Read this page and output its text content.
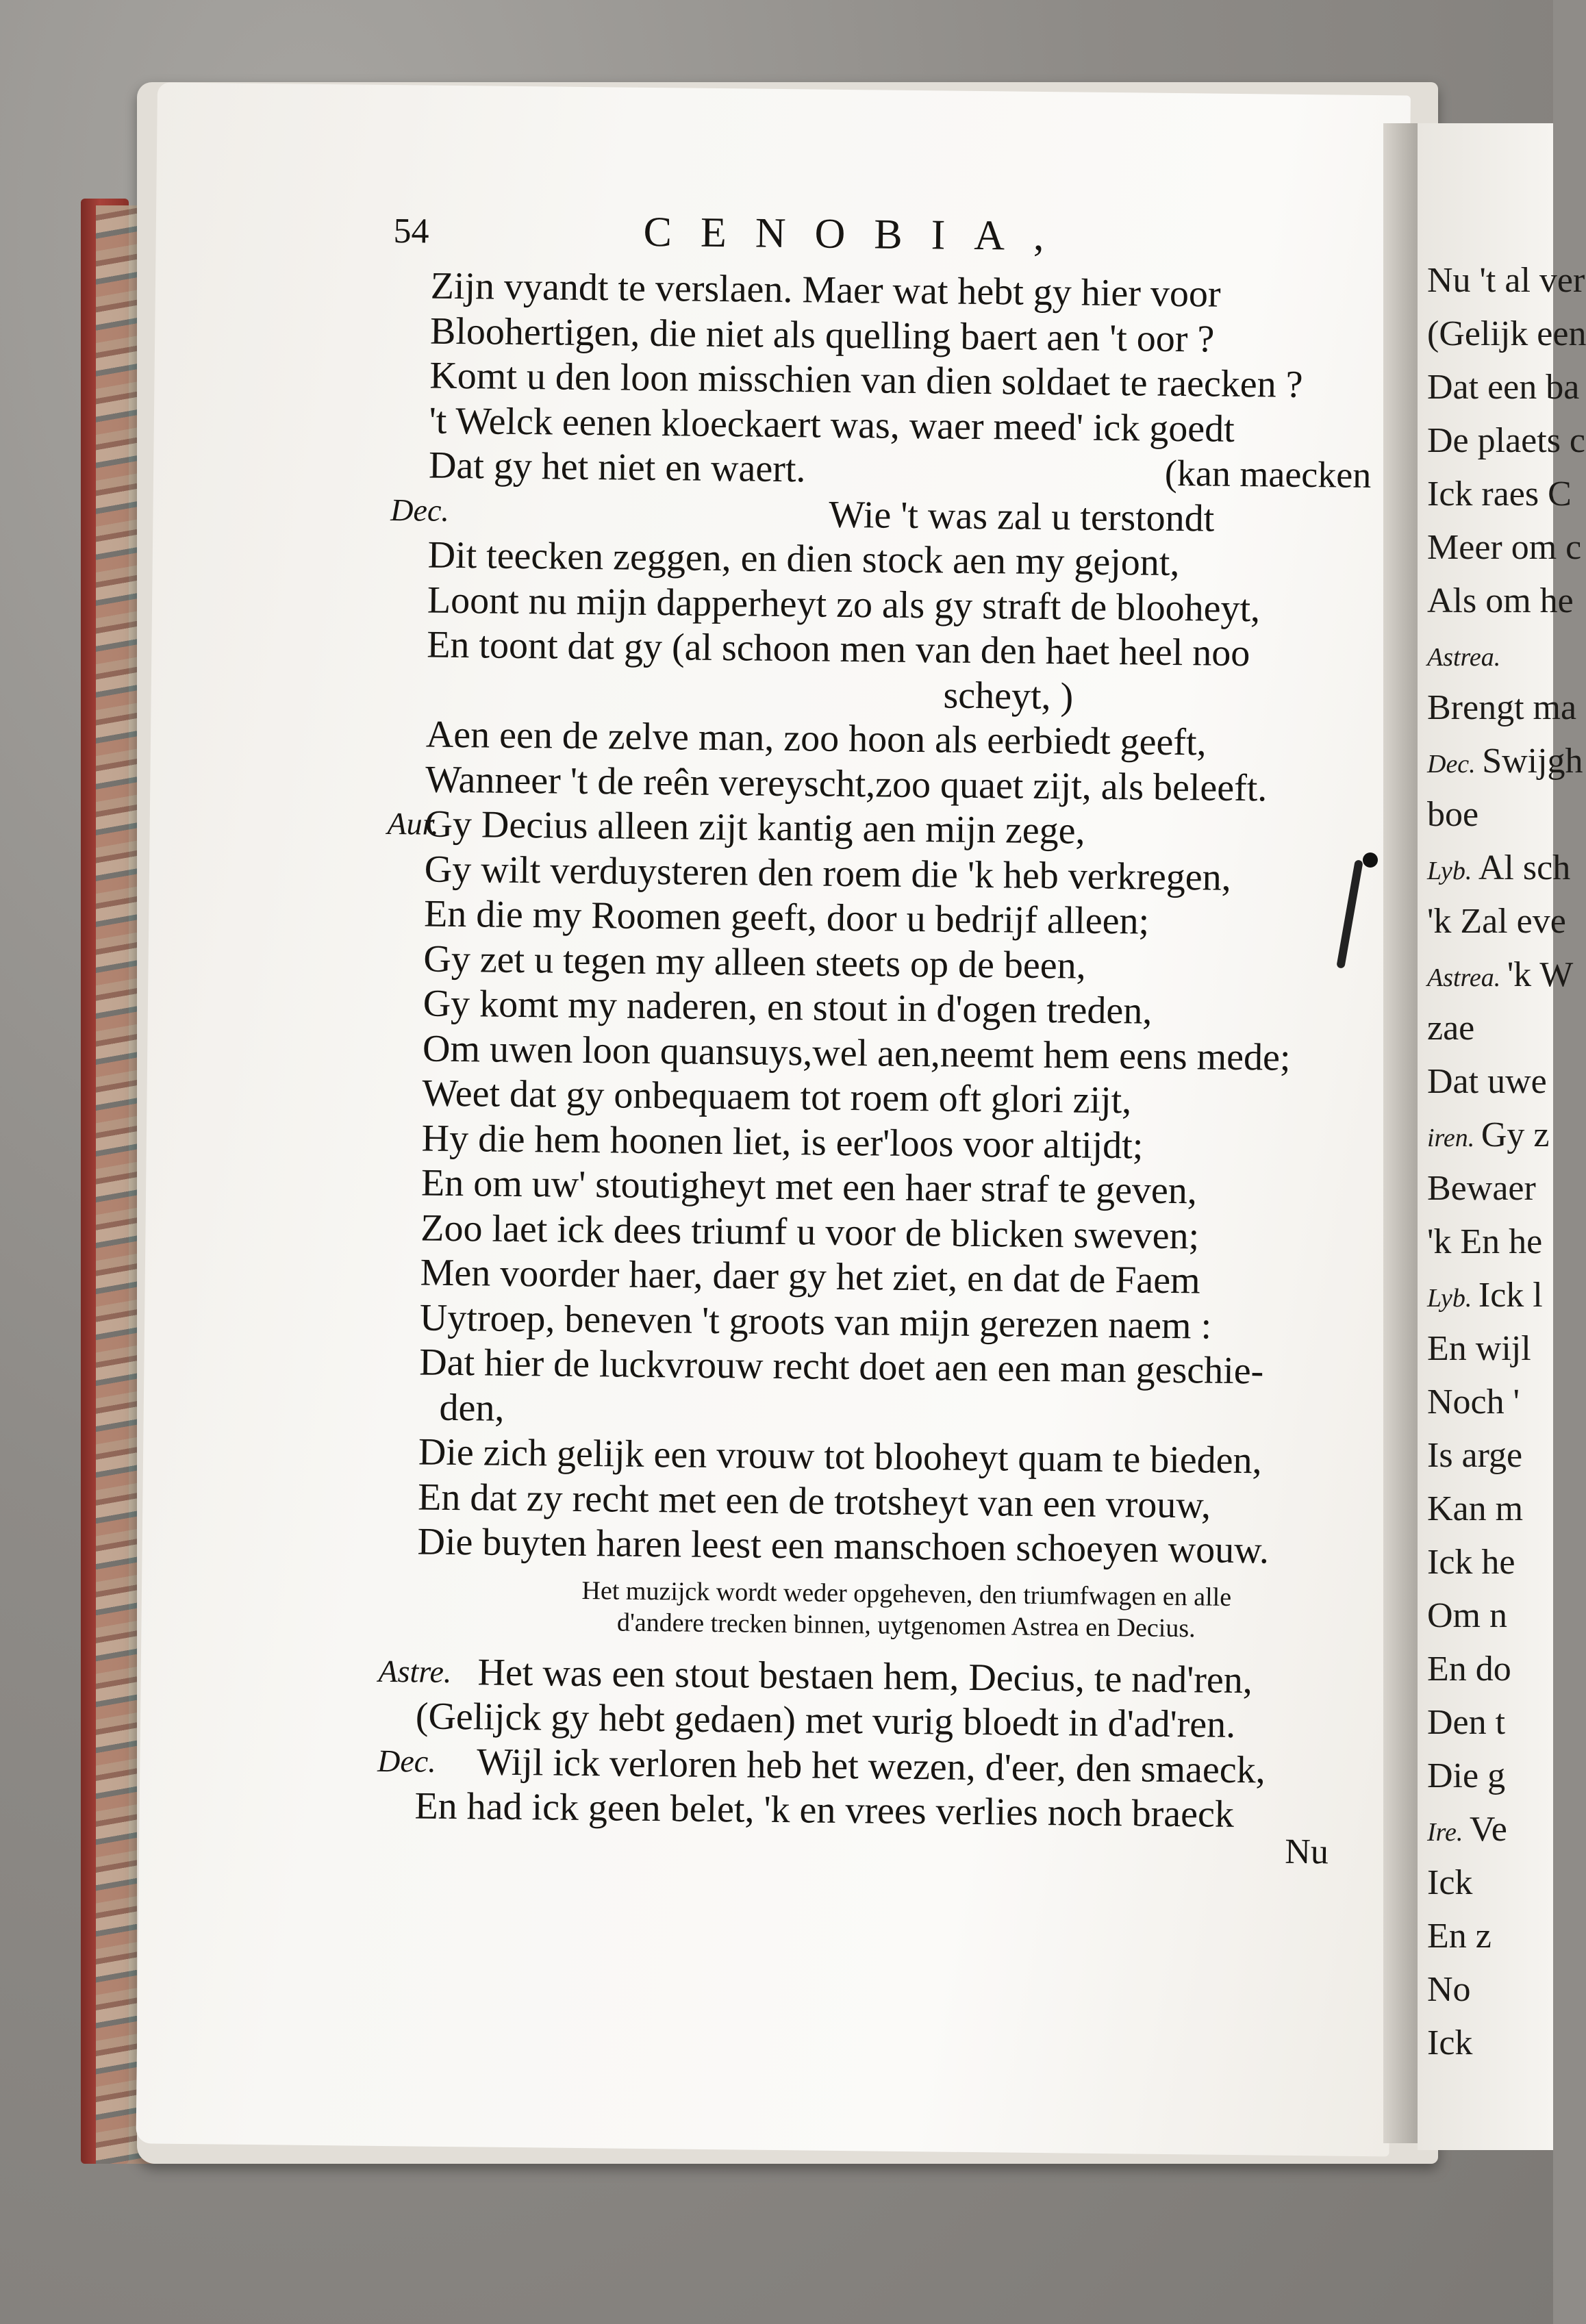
Nu 't al ver
(Gelijk een
Dat een ba
De plaets c
Ick raes C
Meer om c
Als om he
Astrea.
Brengt ma
Dec. Swijgh
boe
Lyb. Al sch
'k Zal eve
Astrea. 'k W
zae
Dat uwe
iren. Gy z
Bewaer
'k En he
Lyb. Ick l
En wijl
Noch '
Is arge
Kan m
Ick he
Om n
En do
Den t
Die g
Ire. Ve
Ick
En z
No
Ick
54	CENOBIA,
(kan maecken
Nu
Zijn vyandt te verslaen. Maer wat hebt gy hier voor
Bloohertigen, die niet als quelling baert aen 't oor ?
Komt u den loon misschien van dien soldaet te raecken ?
't Welck eenen kloeckaert was, waer meed' ick goedt
Dat gy het niet en waert.
Dec.	Wie 't was zal u terstondt
Dit teecken zeggen, en dien stock aen my gejont,
Loont nu mijn dapperheyt zo als gy straft de blooheyt,
En toont dat gy (al schoon men van den haet heel noo
scheyt, )
Aen een de zelve man, zoo hoon als eerbiedt geeft,
Wanneer 't de reên vereyscht,zoo quaet zijt, als beleeft.
Aur.
Gy Decius alleen zijt kantig aen mijn zege,
Gy wilt verduysteren den roem die 'k heb verkregen,
En die my Roomen geeft, door u bedrijf alleen;
Gy zet u tegen my alleen steets op de been,
Gy komt my naderen, en stout in d'ogen treden,
Om uwen loon quansuys,wel aen,neemt hem eens mede;
Weet dat gy onbequaem tot roem oft glori zijt,
Hy die hem hoonen liet, is eer'loos voor altijdt;
En om uw' stoutigheyt met een haer straf te geven,
Zoo laet ick dees triumf u voor de blicken sweven;
Men voorder haer, daer gy het ziet, en dat de Faem
Uytroep, beneven 't groots van mijn gerezen naem :
Dat hier de luckvrouw recht doet aen een man geschie-
den,
Die zich gelijk een vrouw tot blooheyt quam te bieden,
En dat zy recht met een de trotsheyt van een vrouw,
Die buyten haren leest een manschoen schoeyen wouw.
Het muzijck wordt weder opgeheven, den triumfwagen en alle
d'andere trecken binnen, uytgenomen Astrea en Decius.
Astre. Het was een stout bestaen hem, Decius, te nad'ren,
(Gelijck gy hebt gedaen) met vurig bloedt in d'ad'ren.
Dec. Wijl ick verloren heb het wezen, d'eer, den smaeck,
En had ick geen belet, 'k en vrees verlies noch braeck
